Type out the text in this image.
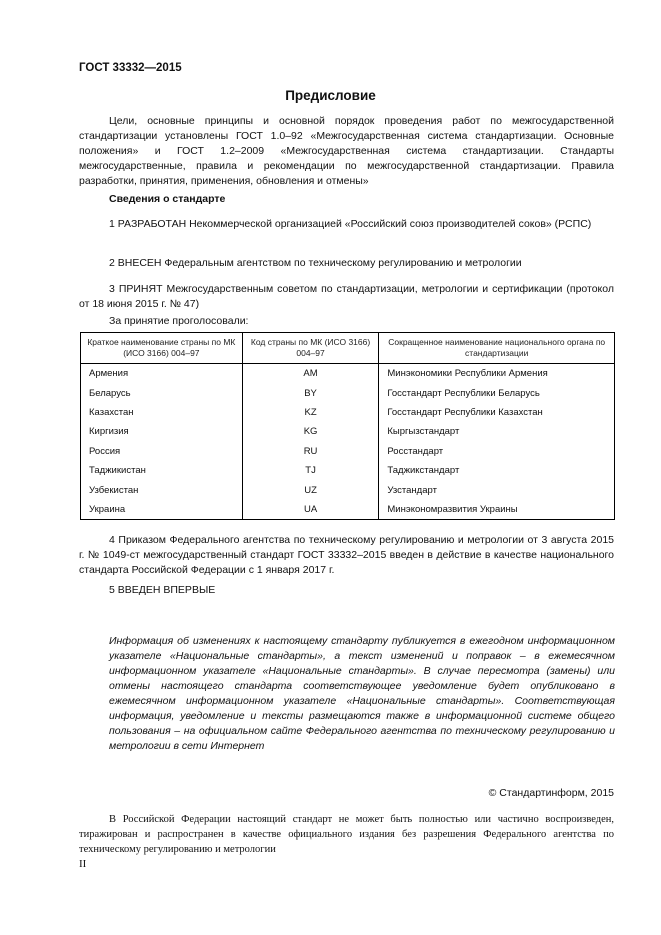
ГОСТ 33332—2015
Предисловие
Цели, основные принципы и основной порядок проведения работ по межгосударственной стандартизации установлены ГОСТ 1.0–92 «Межгосударственная система стандартизации. Основные положения» и ГОСТ 1.2–2009 «Межгосударственная система стандартизации. Стандарты межгосударственные, правила и рекомендации по межгосударственной стандартизации. Правила разработки, принятия, применения, обновления и отмены»
Сведения о стандарте
1 РАЗРАБОТАН Некоммерческой организацией «Российский союз производителей соков» (РСПС)
2 ВНЕСЕН Федеральным агентством по техническому регулированию и метрологии
3 ПРИНЯТ Межгосударственным советом по стандартизации, метрологии и сертификации (протокол от 18 июня 2015 г. № 47)
За принятие проголосовали:
Краткое наименование страны по МК (ИСО 3166) 004–97	Код страны по МК (ИСО 3166) 004–97	Сокращенное наименование национального органа по стандартизации
Армения	AM	Минэкономики Республики Армения
Беларусь	BY	Госстандарт Республики Беларусь
Казахстан	KZ	Госстандарт Республики Казахстан
Киргизия	KG	Кыргызстандарт
Россия	RU	Росстандарт
Таджикистан	TJ	Таджикстандарт
Узбекистан	UZ	Узстандарт
Украина	UA	Минэкономразвития Украины
4 Приказом Федерального агентства по техническому регулированию и метрологии от 3 августа 2015 г. № 1049-ст межгосударственный стандарт ГОСТ 33332–2015 введен в действие в качестве национального стандарта Российской Федерации с 1 января 2017 г.
5 ВВЕДЕН ВПЕРВЫЕ
Информация об изменениях к настоящему стандарту публикуется в ежегодном информационном указателе «Национальные стандарты», а текст изменений и поправок – в ежемесячном информационном указателе «Национальные стандарты». В случае пересмотра (замены) или отмены настоящего стандарта соответствующее уведомление будет опубликовано в ежемесячном информационном указателе «Национальные стандарты». Соответствующая информация, уведомление и тексты размещаются также в информационной системе общего пользования – на официальном сайте Федерального агентства по техническому регулированию и метрологии в сети Интернет
© Стандартинформ, 2015
В Российской Федерации настоящий стандарт не может быть полностью или частично воспроизведен, тиражирован и распространен в качестве официального издания без разрешения Федерального агентства по техническому регулированию и метрологии
II
